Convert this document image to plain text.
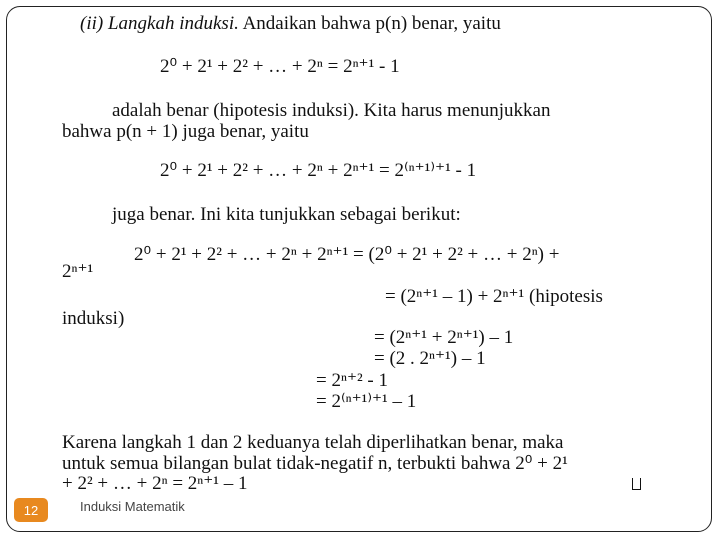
(ii) Langkah induksi. Andaikan bahwa p(n) benar, yaitu
2⁰ + 2¹ + 2² + … + 2ⁿ = 2ⁿ⁺¹ - 1
adalah benar (hipotesis induksi). Kita harus menunjukkan
bahwa p(n + 1) juga benar, yaitu
2⁰ + 2¹ + 2² + … + 2ⁿ + 2ⁿ⁺¹ = 2⁽ⁿ⁺¹⁾⁺¹ - 1
juga benar. Ini kita tunjukkan sebagai berikut:
2⁰ + 2¹ + 2² + … + 2ⁿ + 2ⁿ⁺¹ = (2⁰ + 2¹ + 2² + … + 2ⁿ) +
2ⁿ⁺¹
= (2ⁿ⁺¹ – 1) + 2ⁿ⁺¹ (hipotesis
induksi)
= (2ⁿ⁺¹ + 2ⁿ⁺¹) – 1
= (2 . 2ⁿ⁺¹) – 1
= 2ⁿ⁺² - 1
= 2⁽ⁿ⁺¹⁾⁺¹ – 1
Karena langkah 1 dan 2 keduanya telah diperlihatkan benar, maka
untuk semua bilangan bulat tidak-negatif n, terbukti bahwa 2⁰ + 2¹
+ 2² + … + 2ⁿ = 2ⁿ⁺¹ – 1
12	Induksi Matematik
